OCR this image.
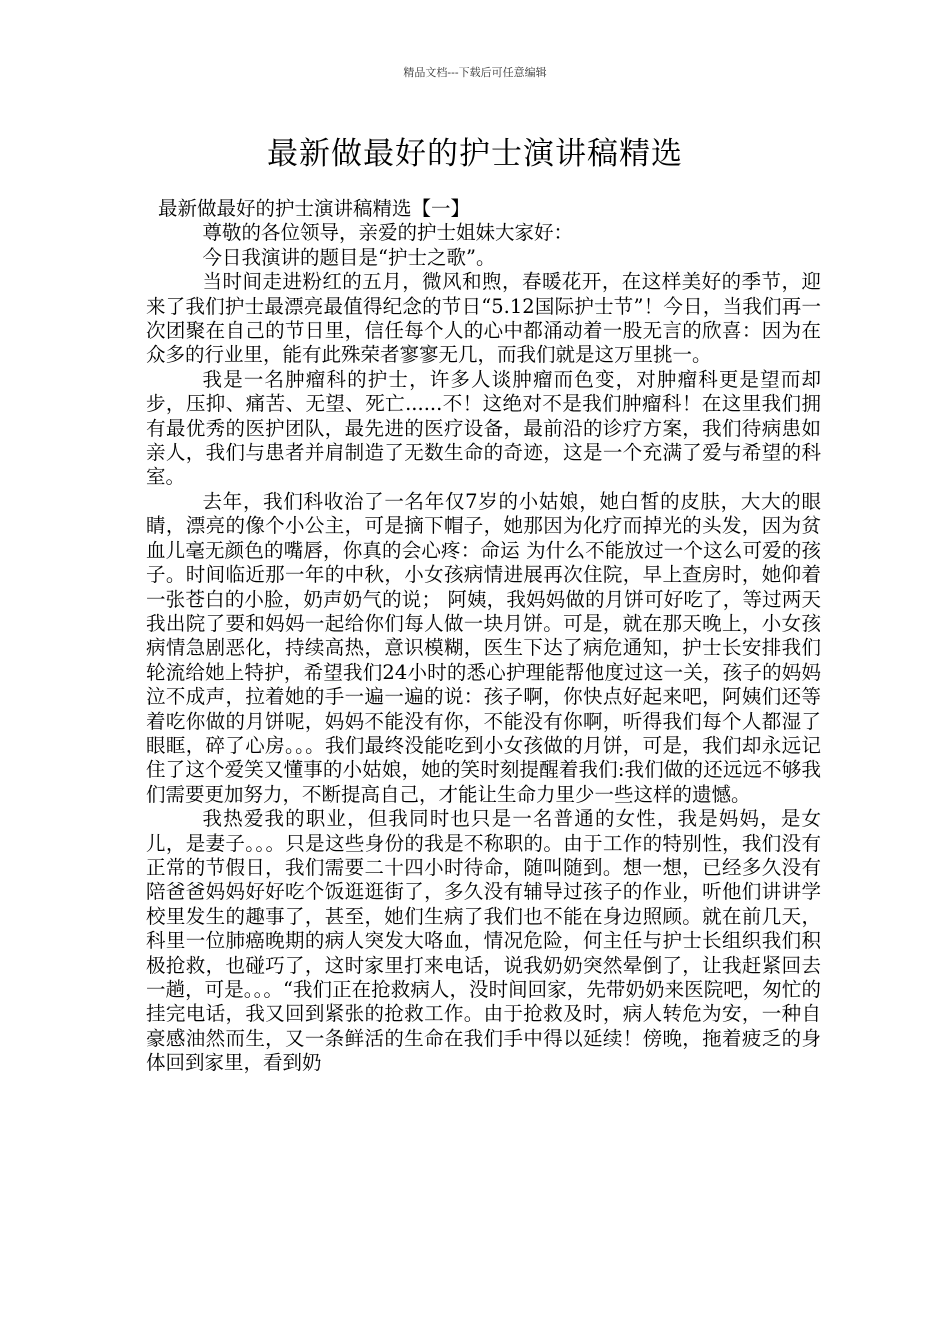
精品文档---下载后可任意编辑
最新做最好的护士演讲稿精选

最新做最好的护士演讲稿精选【一】

尊敬的各位领导，亲爱的护士姐妹大家好：

今日我演讲的题目是“护士之歌”。

当时间走进粉红的五月，微风和煦，春暖花开，在这样美好的季节，迎来了我们护士最漂亮最值得纪念的节日“5.12国际护士节”！今日，当我们再一次团聚在自己的节日里，信任每个人的心中都涌动着一股无言的欣喜：因为在众多的行业里，能有此殊荣者寥寥无几，而我们就是这万里挑一。

我是一名肿瘤科的护士，许多人谈肿瘤而色变，对肿瘤科更是望而却步，压抑、痛苦、无望、死亡......不！这绝对不是我们肿瘤科！在这里我们拥有最优秀的医护团队，最先进的医疗设备，最前沿的诊疗方案，我们待病患如亲人，我们与患者并肩制造了无数生命的奇迹，这是一个充满了爱与希望的科室。

去年，我们科收治了一名年仅7岁的小姑娘，她白皙的皮肤，大大的眼睛，漂亮的像个小公主，可是摘下帽子，她那因为化疗而掉光的头发，因为贫血儿毫无颜色的嘴唇，你真的会心疼：命运 为什么不能放过一个这么可爱的孩子。时间临近那一年的中秋，小女孩病情进展再次住院，早上查房时，她仰着一张苍白的小脸，奶声奶气的说； 阿姨，我妈妈做的月饼可好吃了，等过两天我出院了要和妈妈一起给你们每人做一块月饼。可是，就在那天晚上，小女孩病情急剧恶化，持续高热，意识模糊，医生下达了病危通知，护士长安排我们轮流给她上特护，希望我们24小时的悉心护理能帮他度过这一关，孩子的妈妈泣不成声，拉着她的手一遍一遍的说：孩子啊，你快点好起来吧，阿姨们还等着吃你做的月饼呢，妈妈不能没有你，不能没有你啊，听得我们每个人都湿了眼眶，碎了心房。。。我们最终没能吃到小女孩做的月饼，可是，我们却永远记住了这个爱笑又懂事的小姑娘，她的笑时刻提醒着我们:我们做的还远远不够我们需要更加努力，不断提高自己，才能让生命力里少一些这样的遗憾。

我热爱我的职业，但我同时也只是一名普通的女性，我是妈妈，是女儿，是妻子。。。只是这些身份的我是不称职的。由于工作的特别性，我们没有正常的节假日，我们需要二十四小时待命，随叫随到。想一想，已经多久没有陪爸爸妈妈好好吃个饭逛逛街了，多久没有辅导过孩子的作业，听他们讲讲学校里发生的趣事了，甚至，她们生病了我们也不能在身边照顾。就在前几天，科里一位肺癌晚期的病人突发大咯血，情况危险，何主任与护士长组织我们积极抢救，也碰巧了，这时家里打来电话，说我奶奶突然晕倒了，让我赶紧回去一趟，可是。。。“我们正在抢救病人，没时间回家，先带奶奶来医院吧，匆忙的挂完电话，我又回到紧张的抢救工作。由于抢救及时，病人转危为安，一种自豪感油然而生，又一条鲜活的生命在我们手中得以延续！傍晚，拖着疲乏的身体回到家里，看到奶
